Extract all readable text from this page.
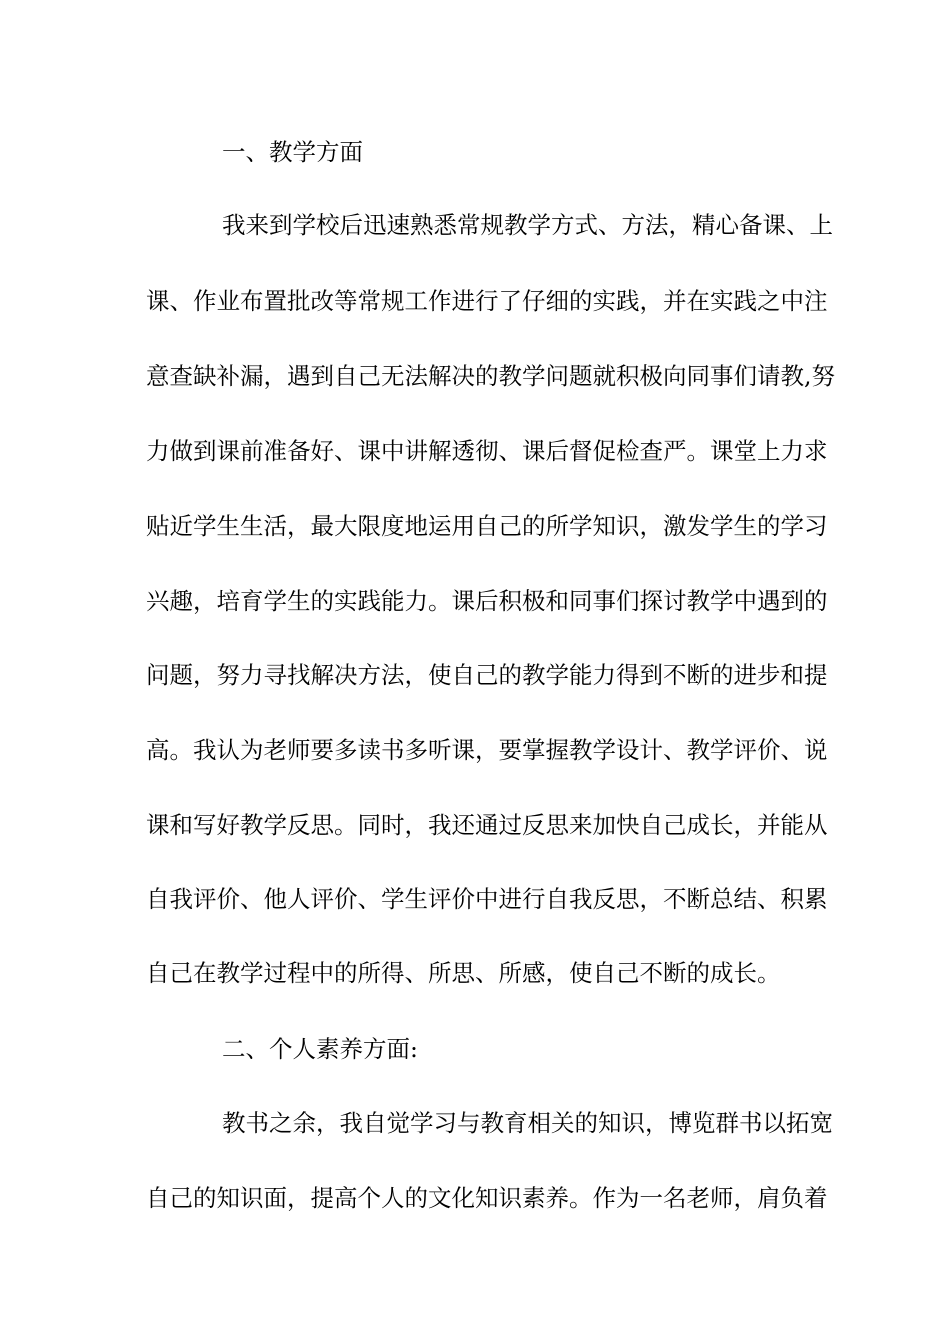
一、教学方面
我来到学校后迅速熟悉常规教学方式、方法，精心备课、上
课、作业布置批改等常规工作进行了仔细的实践，并在实践之中注
意查缺补漏，遇到自己无法解决的教学问题就积极向同事们请教,努
力做到课前准备好、课中讲解透彻、课后督促检查严。课堂上力求
贴近学生生活，最大限度地运用自己的所学知识，激发学生的学习
兴趣，培育学生的实践能力。课后积极和同事们探讨教学中遇到的
问题，努力寻找解决方法，使自己的教学能力得到不断的进步和提
高。我认为老师要多读书多听课，要掌握教学设计、教学评价、说
课和写好教学反思。同时，我还通过反思来加快自己成长，并能从
自我评价、他人评价、学生评价中进行自我反思，不断总结、积累
自己在教学过程中的所得、所思、所感，使自己不断的成长。
二、个人素养方面:
教书之余，我自觉学习与教育相关的知识，博览群书以拓宽
自己的知识面，提高个人的文化知识素养。作为一名老师，肩负着
